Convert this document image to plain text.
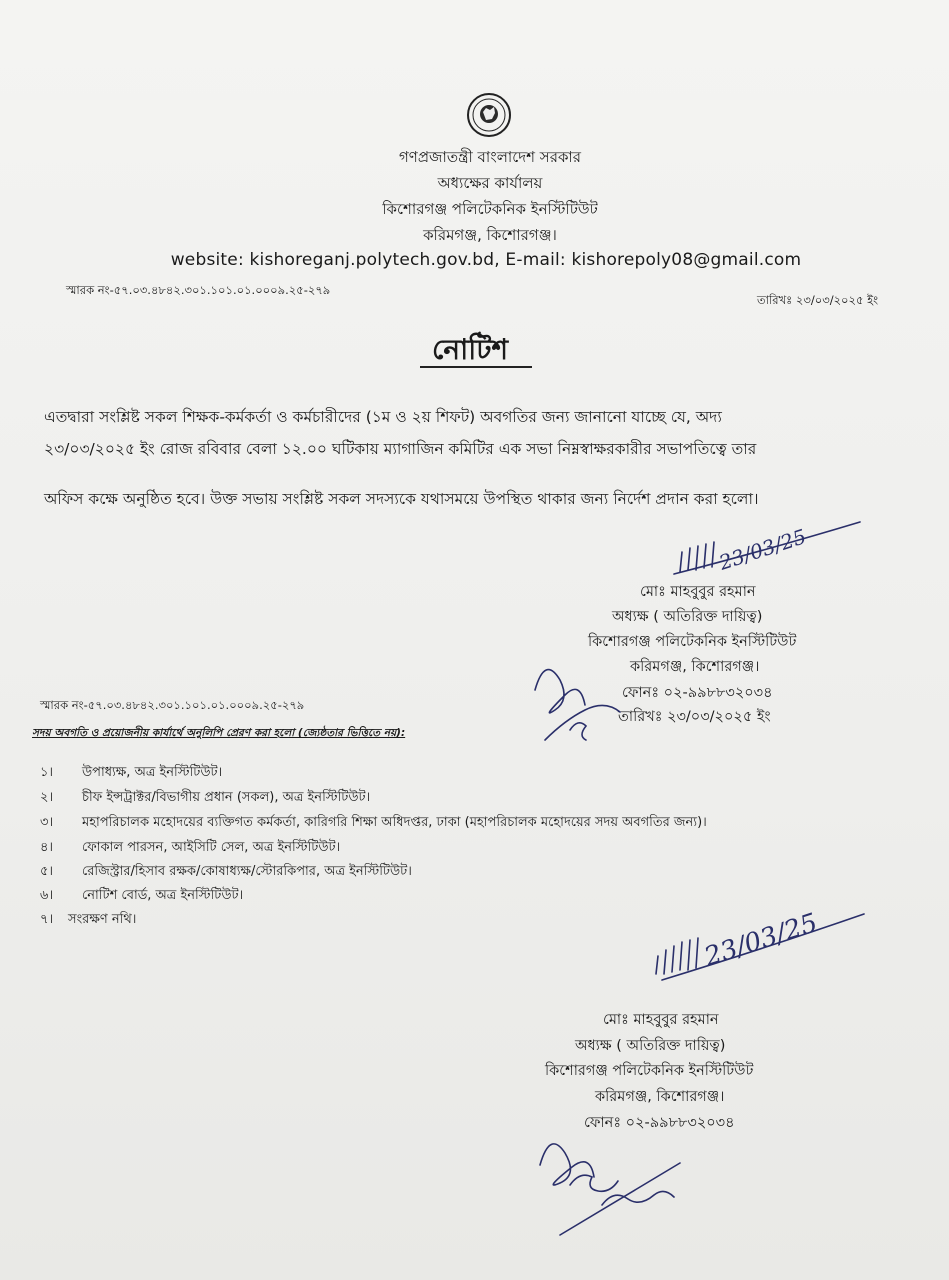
গণপ্রজাতন্ত্রী বাংলাদেশ সরকার
অধ্যক্ষের কার্যালয়
কিশোরগঞ্জ পলিটেকনিক ইনস্টিটিউট
করিমগঞ্জ, কিশোরগঞ্জ।
website: kishoreganj.polytech.gov.bd, E-mail: kishorepoly08@gmail.com
স্মারক নং-৫৭.০৩.৪৮৪২.৩০১.১০১.০১.০০০৯.২৫-২৭৯
তারিখঃ ২৩/০৩/২০২৫ ইং
নোটিশ
এতদ্বারা সংশ্লিষ্ট সকল শিক্ষক-কর্মকর্তা ও কর্মচারীদের (১ম ও ২য় শিফট) অবগতির জন্য জানানো যাচ্ছে যে, অদ্য
২৩/০৩/২০২৫ ইং রোজ রবিবার বেলা ১২.০০ ঘটিকায় ম্যাগাজিন কমিটির এক সভা নিম্নস্বাক্ষরকারীর সভাপতিত্বে তার
অফিস কক্ষে অনুষ্ঠিত হবে। উক্ত সভায় সংশ্লিষ্ট সকল সদস্যকে যথাসময়ে উপস্থিত থাকার জন্য নির্দেশ প্রদান করা হলো।
23/03/25
মোঃ মাহবুবুর রহমান
অধ্যক্ষ ( অতিরিক্ত দায়িত্ব)
কিশোরগঞ্জ পলিটেকনিক ইনস্টিটিউট
করিমগঞ্জ, কিশোরগঞ্জ।
ফোনঃ ০২-৯৯৮৮৩২০৩৪
তারিখঃ ২৩/০৩/২০২৫ ইং
স্মারক নং-৫৭.০৩.৪৮৪২.৩০১.১০১.০১.০০০৯.২৫-২৭৯
সদয় অবগতি ও প্রয়োজনীয় কার্যার্থে অনুলিপি প্রেরণ করা হলো (জ্যেষ্ঠতার ভিত্তিতে নয়):
১। উপাধ্যক্ষ, অত্র ইনস্টিটিউট।
২। চীফ ইন্সট্রাক্টর/বিভাগীয় প্রধান (সকল), অত্র ইনস্টিটিউট।
৩। মহাপরিচালক মহোদয়ের ব্যক্তিগত কর্মকর্তা, কারিগরি শিক্ষা অধিদপ্তর, ঢাকা (মহাপরিচালক মহোদয়ের সদয় অবগতির জন্য)।
৪। ফোকাল পারসন, আইসিটি সেল, অত্র ইনস্টিটিউট।
৫। রেজিস্ট্রার/হিসাব রক্ষক/কোষাধ্যক্ষ/স্টোরকিপার, অত্র ইনস্টিটিউট।
৬। নোটিশ বোর্ড, অত্র ইনস্টিটিউট।
৭। সংরক্ষণ নথি।	23/03/25
মোঃ মাহবুবুর রহমান
অধ্যক্ষ ( অতিরিক্ত দায়িত্ব)
কিশোরগঞ্জ পলিটেকনিক ইনস্টিটিউট
করিমগঞ্জ, কিশোরগঞ্জ।
ফোনঃ ০২-৯৯৮৮৩২০৩৪
